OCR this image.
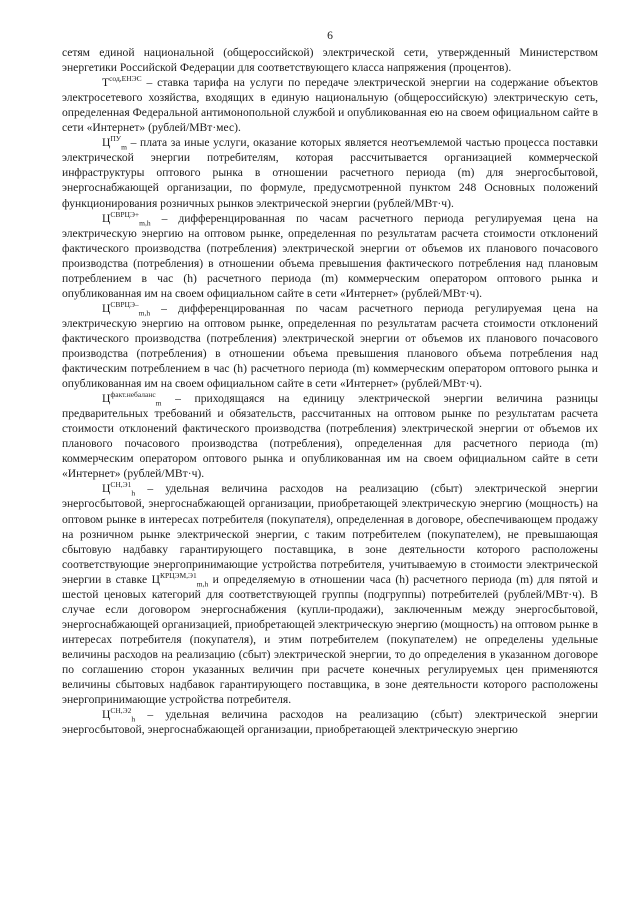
6

сетям единой национальной (общероссийской) электрической сети, утвержденный Министерством энергетики Российской Федерации для соответствующего класса напряжения (процентов).

$Т^{сод,ЕНЭС}$ – ставка тарифа на услуги по передаче электрической энергии на содержание объектов электросетевого хозяйства, входящих в единую национальную (общероссийскую) электрическую сеть, определенная Федеральной антимонопольной службой и опубликованная ею на своем официальном сайте в сети «Интернет» (рублей/МВт·мес).

$Ц^{ПУ}_m$ – плата за иные услуги, оказание которых является неотъемлемой частью процесса поставки электрической энергии потребителям, которая рассчитывается организацией коммерческой инфраструктуры оптового рынка в отношении расчетного периода (m) для энергосбытовой, энергоснабжающей организации, по формуле, предусмотренной пунктом 248 Основных положений функционирования розничных рынков электрической энергии (рублей/МВт·ч).

$Ц^{СВРЦЭ+}_{m,h}$ – дифференцированная по часам расчетного периода регулируемая цена на электрическую энергию на оптовом рынке, определенная по результатам расчета стоимости отклонений фактического производства (потребления) электрической энергии от объемов их планового почасового производства (потребления) в отношении объема превышения фактического потребления над плановым потреблением в час (h) расчетного периода (m) коммерческим оператором оптового рынка и опубликованная им на своем официальном сайте в сети «Интернет» (рублей/МВт·ч).

$Ц^{СВРЦЭ-}_{m,h}$ – дифференцированная по часам расчетного периода регулируемая цена на электрическую энергию на оптовом рынке, определенная по результатам расчета стоимости отклонений фактического производства (потребления) электрической энергии от объемов их планового почасового производства (потребления) в отношении объема превышения планового объема потребления над фактическим потреблением в час (h) расчетного периода (m) коммерческим оператором оптового рынка и опубликованная им на своем официальном сайте в сети «Интернет» (рублей/МВт·ч).

$Ц^{факт.небаланс}_m$ – приходящаяся на единицу электрической энергии величина разницы предварительных требований и обязательств, рассчитанных на оптовом рынке по результатам расчета стоимости отклонений фактического производства (потребления) электрической энергии от объемов их планового почасового производства (потребления), определенная для расчетного периода (m) коммерческим оператором оптового рынка и опубликованная им на своем официальном сайте в сети «Интернет» (рублей/МВт·ч).

$Ц^{СН,Э1}_h$ – удельная величина расходов на реализацию (сбыт) электрической энергии энергосбытовой, энергоснабжающей организации, приобретающей электрическую энергию (мощность) на оптовом рынке в интересах потребителя (покупателя), определенная в договоре, обеспечивающем продажу на розничном рынке электрической энергии, с таким потребителем (покупателем), не превышающая сбытовую надбавку гарантирующего поставщика, в зоне деятельности которого расположены соответствующие энергопринимающие устройства потребителя, учитываемую в стоимости электрической энергии в ставке $Ц^{КРЦЭМ,Э1}_{m,h}$ и определяемую в отношении часа (h) расчетного периода (m) для пятой и шестой ценовых категорий для соответствующей группы (подгруппы) потребителей (рублей/МВт·ч). В случае если договором энергоснабжения (купли-продажи), заключенным между энергосбытовой, энергоснабжающей организацией, приобретающей электрическую энергию (мощность) на оптовом рынке в интересах потребителя (покупателя), и этим потребителем (покупателем) не определены удельные величины расходов на реализацию (сбыт) электрической энергии, то до определения в указанном договоре по соглашению сторон указанных величин при расчете конечных регулируемых цен применяются величины сбытовых надбавок гарантирующего поставщика, в зоне деятельности которого расположены энергопринимающие устройства потребителя.

$Ц^{СН,Э2}_h$ – удельная величина расходов на реализацию (сбыт) электрической энергии энергосбытовой, энергоснабжающей организации, приобретающей электрическую энергию
